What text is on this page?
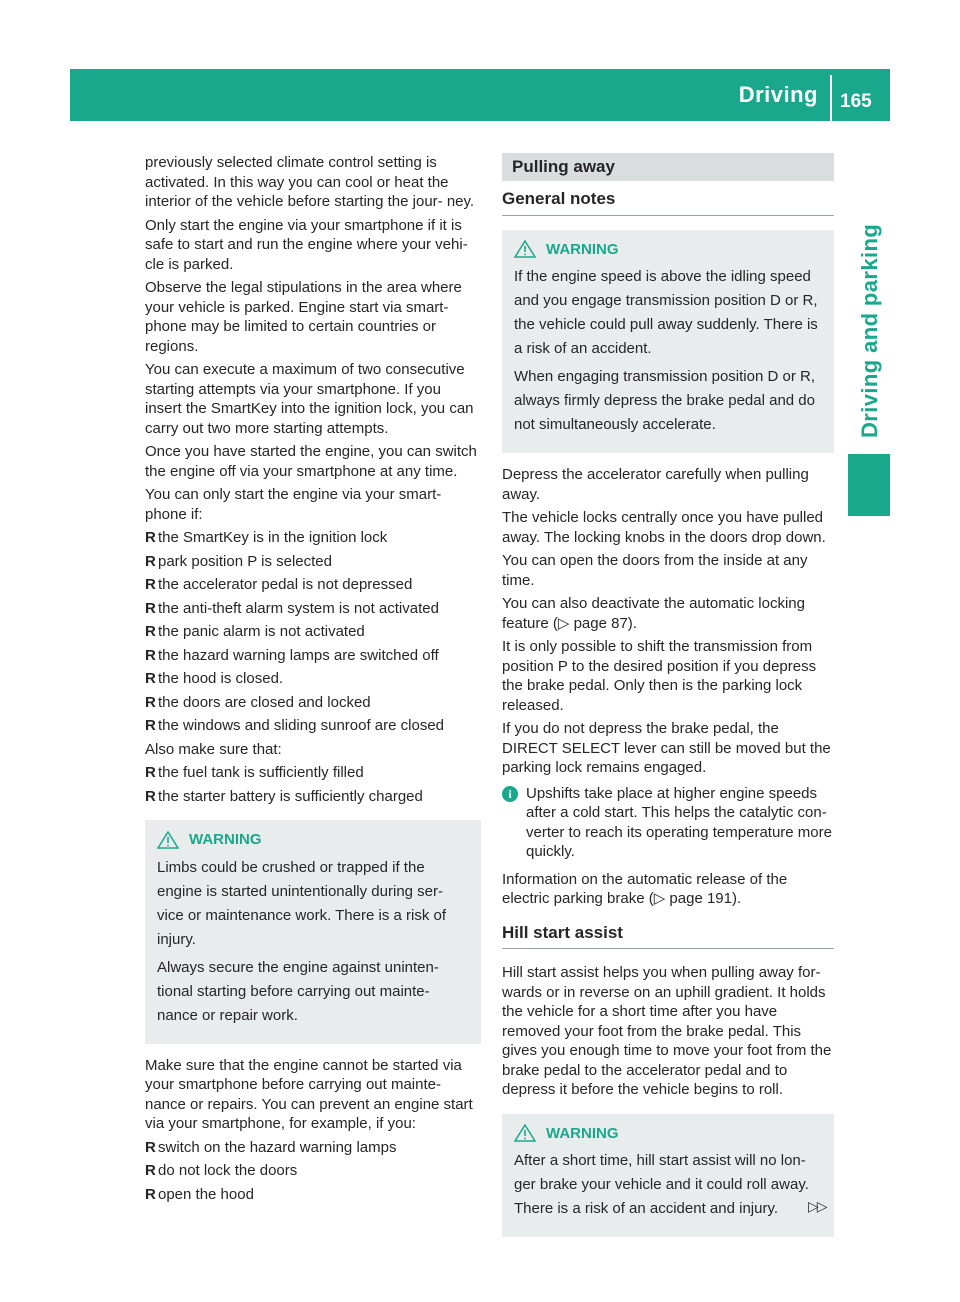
Driving 165
Driving and parking

previously selected climate control setting is activated. In this way you can cool or heat the interior of the vehicle before starting the jour- ney.

Only start the engine via your smartphone if it is safe to start and run the engine where your vehi- cle is parked.

Observe the legal stipulations in the area where your vehicle is parked. Engine start via smart- phone may be limited to certain countries or regions.

You can execute a maximum of two consecutive starting attempts via your smartphone. If you insert the SmartKey into the ignition lock, you can carry out two more starting attempts.

Once you have started the engine, you can switch the engine off via your smartphone at any time.

You can only start the engine via your smart- phone if:

R the SmartKey is in the ignition lock
R park position P is selected
R the accelerator pedal is not depressed
R the anti-theft alarm system is not activated
R the panic alarm is not activated
R the hazard warning lamps are switched off
R the hood is closed.
R the doors are closed and locked
R the windows and sliding sunroof are closed

Also make sure that:

R the fuel tank is sufficiently filled
R the starter battery is sufficiently charged
WARNING

Limbs could be crushed or trapped if the engine is started unintentionally during ser- vice or maintenance work. There is a risk of injury.

Always secure the engine against uninten- tional starting before carrying out mainte- nance or repair work.

Make sure that the engine cannot be started via your smartphone before carrying out mainte- nance or repairs. You can prevent an engine start via your smartphone, for example, if you:

R switch on the hazard warning lamps
R do not lock the doors
R open the hood
Pulling away
General notes
WARNING

If the engine speed is above the idling speed and you engage transmission position D or R, the vehicle could pull away suddenly. There is a risk of an accident.

When engaging transmission position D or R, always firmly depress the brake pedal and do not simultaneously accelerate.

Depress the accelerator carefully when pulling away.

The vehicle locks centrally once you have pulled away. The locking knobs in the doors drop down.

You can open the doors from the inside at any time.

You can also deactivate the automatic locking feature (▷ page 87).

It is only possible to shift the transmission from position P to the desired position if you depress the brake pedal. Only then is the parking lock released.

If you do not depress the brake pedal, the DIRECT SELECT lever can still be moved but the parking lock remains engaged.

i Upshifts take place at higher engine speeds after a cold start. This helps the catalytic con- verter to reach its operating temperature more quickly.

Information on the automatic release of the electric parking brake (▷ page 191).

Hill start assist

Hill start assist helps you when pulling away for- wards or in reverse on an uphill gradient. It holds the vehicle for a short time after you have removed your foot from the brake pedal. This gives you enough time to move your foot from the brake pedal to the accelerator pedal and to depress it before the vehicle begins to roll.

WARNING

After a short time, hill start assist will no lon- ger brake your vehicle and it could roll away. There is a risk of an accident and injury.	▷▷
